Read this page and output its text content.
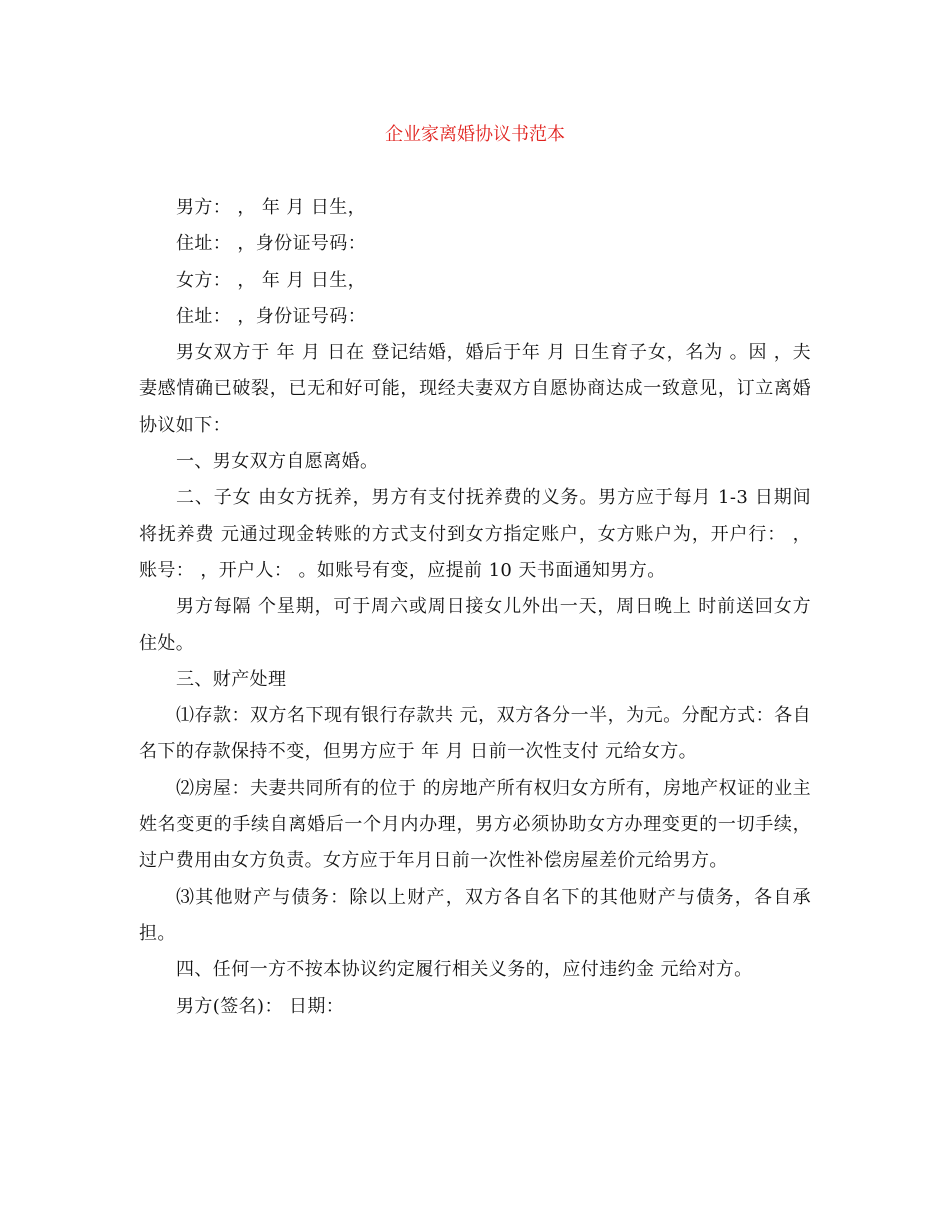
企业家离婚协议书范本

男方： ， 年 月 日生，

住址： ，身份证号码：

女方： ， 年 月 日生，

住址： ，身份证号码：

男女双方于 年 月 日在 登记结婚，婚后于年 月 日生育子女，名为 。因 ，夫妻感情确已破裂，已无和好可能，现经夫妻双方自愿协商达成一致意见，订立离婚协议如下：

一、男女双方自愿离婚。

二、子女 由女方抚养，男方有支付抚养费的义务。男方应于每月 1-3 日期间将抚养费 元通过现金转账的方式支付到女方指定账户，女方账户为，开户行： ，账号： ，开户人： 。如账号有变，应提前 10 天书面通知男方。

男方每隔 个星期，可于周六或周日接女儿外出一天，周日晚上 时前送回女方住处。

三、财产处理

⑴存款：双方名下现有银行存款共 元，双方各分一半，为元。分配方式：各自名下的存款保持不变，但男方应于 年 月 日前一次性支付 元给女方。

⑵房屋：夫妻共同所有的位于 的房地产所有权归女方所有，房地产权证的业主姓名变更的手续自离婚后一个月内办理，男方必须协助女方办理变更的一切手续，过户费用由女方负责。女方应于年月日前一次性补偿房屋差价元给男方。

⑶其他财产与债务：除以上财产，双方各自名下的其他财产与债务，各自承担。

四、任何一方不按本协议约定履行相关义务的，应付违约金 元给对方。

男方(签名)： 日期：
